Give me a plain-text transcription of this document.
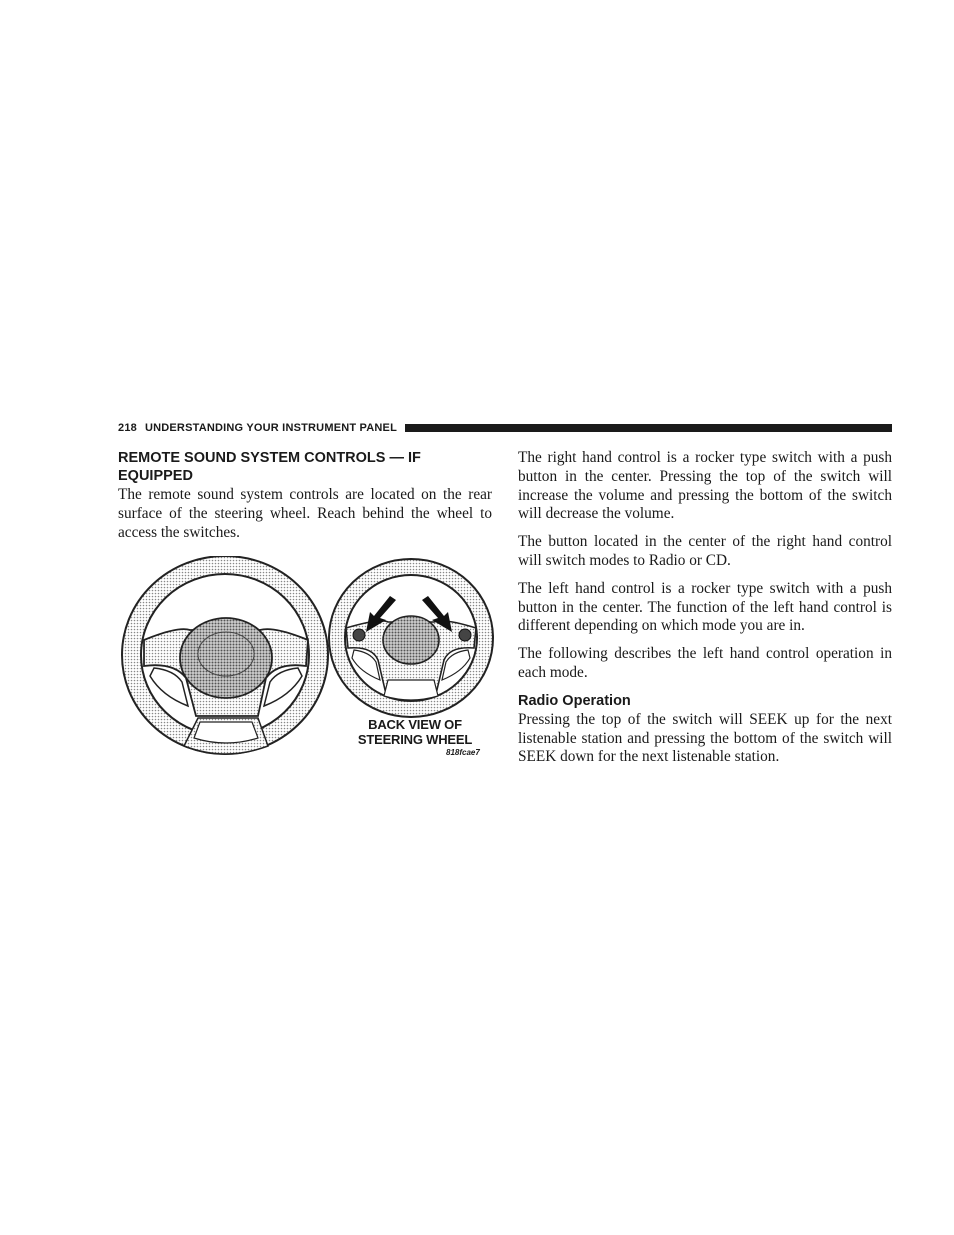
218 UNDERSTANDING YOUR INSTRUMENT PANEL
REMOTE SOUND SYSTEM CONTROLS — IF EQUIPPED

The remote sound system controls are located on the rear surface of the steering wheel. Reach behind the wheel to access the switches.

BACK VIEW OF
STEERING WHEEL
818fcae7

The right hand control is a rocker type switch with a push button in the center. Pressing the top of the switch will increase the volume and pressing the bottom of the switch will decrease the volume.

The button located in the center of the right hand control will switch modes to Radio or CD.

The left hand control is a rocker type switch with a push button in the center. The function of the left hand control is different depending on which mode you are in.

The following describes the left hand control operation in each mode.

Radio Operation

Pressing the top of the switch will SEEK up for the next listenable station and pressing the bottom of the switch will SEEK down for the next listenable station.
